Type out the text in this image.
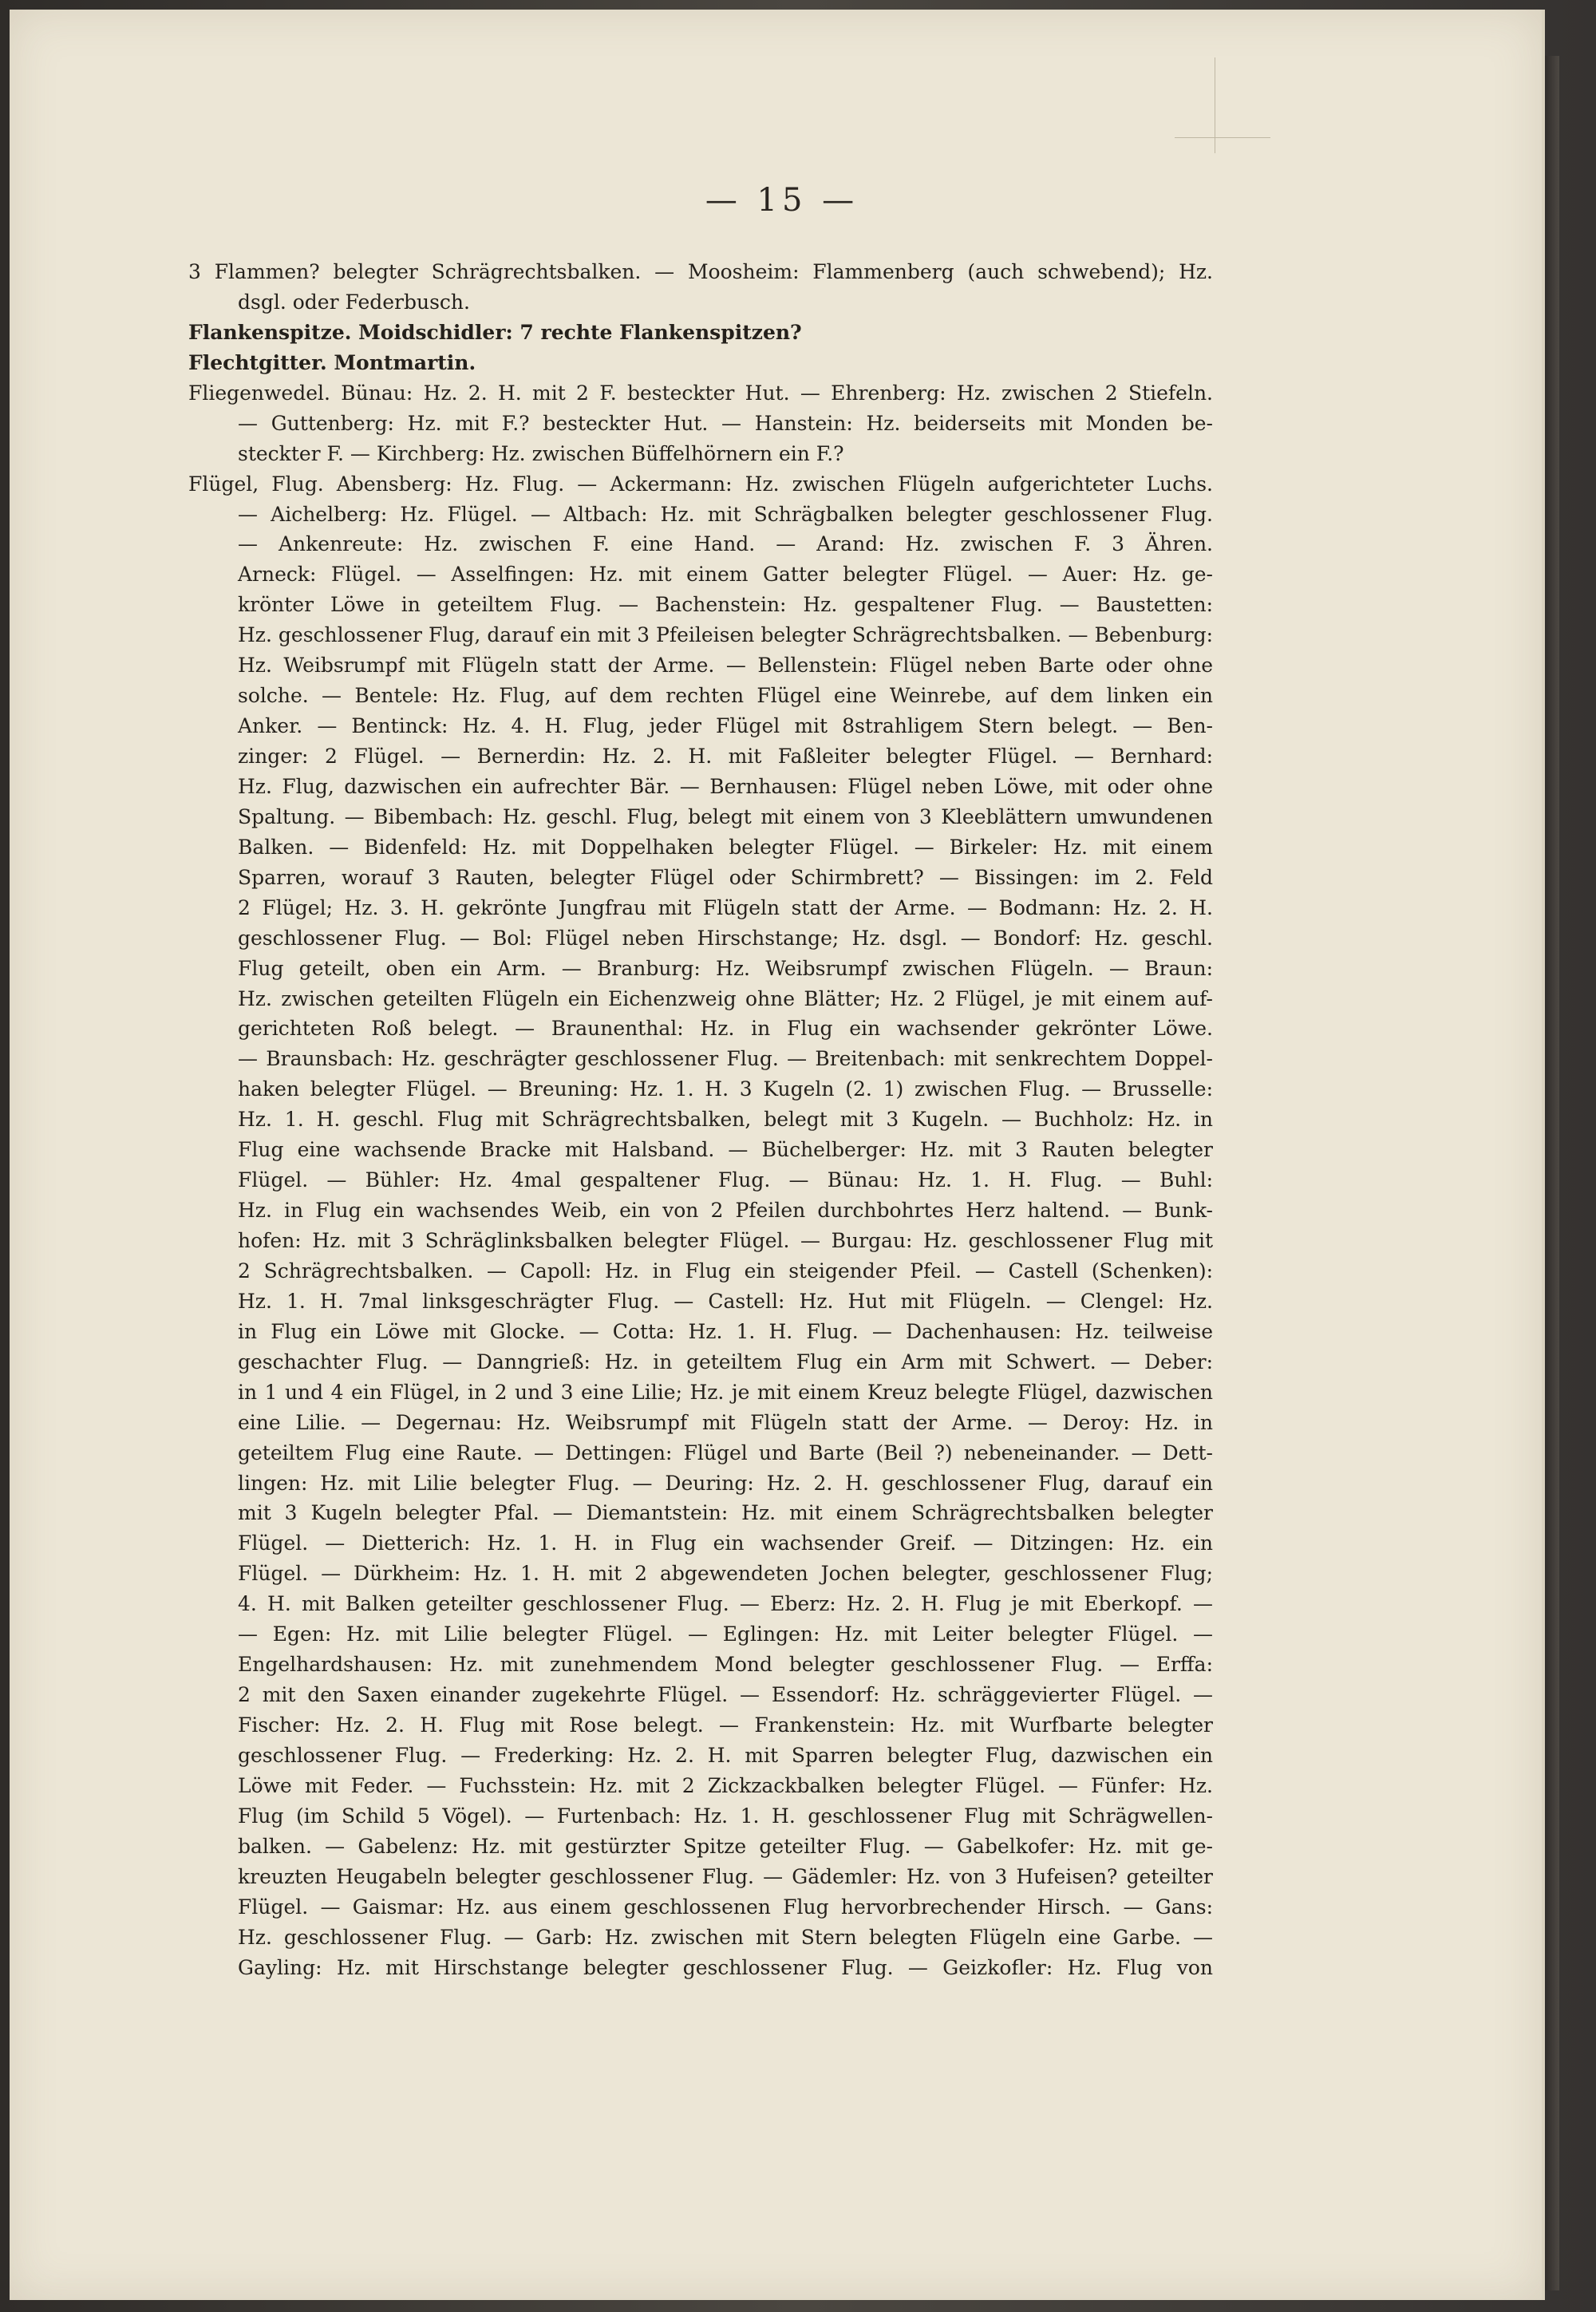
— 15 —
3 Flammen? belegter Schrägrechtsbalken. — Moosheim: Flammenberg (auch schwebend); Hz.
dsgl. oder Federbusch.
Flankenspitze. Moidschidler: 7 rechte Flankenspitzen?
Flechtgitter. Montmartin.
Fliegenwedel. Bünau: Hz. 2. H. mit 2 F. besteckter Hut. — Ehrenberg: Hz. zwischen 2 Stiefeln.
— Guttenberg: Hz. mit F.? besteckter Hut. — Hanstein: Hz. beiderseits mit Monden be-
steckter F. — Kirchberg: Hz. zwischen Büffelhörnern ein F.?
Flügel, Flug. Abensberg: Hz. Flug. — Ackermann: Hz. zwischen Flügeln aufgerichteter Luchs.
— Aichelberg: Hz. Flügel. — Altbach: Hz. mit Schrägbalken belegter geschlossener Flug.
— Ankenreute: Hz. zwischen F. eine Hand. — Arand: Hz. zwischen F. 3 Ähren.
Arneck: Flügel. — Asselfingen: Hz. mit einem Gatter belegter Flügel. — Auer: Hz. ge-
krönter Löwe in geteiltem Flug. — Bachenstein: Hz. gespaltener Flug. — Baustetten:
Hz. geschlossener Flug, darauf ein mit 3 Pfeileisen belegter Schrägrechtsbalken. — Bebenburg:
Hz. Weibsrumpf mit Flügeln statt der Arme. — Bellenstein: Flügel neben Barte oder ohne
solche. — Bentele: Hz. Flug, auf dem rechten Flügel eine Weinrebe, auf dem linken ein
Anker. — Bentinck: Hz. 4. H. Flug, jeder Flügel mit 8strahligem Stern belegt. — Ben-
zinger: 2 Flügel. — Bernerdin: Hz. 2. H. mit Faßleiter belegter Flügel. — Bernhard:
Hz. Flug, dazwischen ein aufrechter Bär. — Bernhausen: Flügel neben Löwe, mit oder ohne
Spaltung. — Bibembach: Hz. geschl. Flug, belegt mit einem von 3 Kleeblättern umwundenen
Balken. — Bidenfeld: Hz. mit Doppelhaken belegter Flügel. — Birkeler: Hz. mit einem
Sparren, worauf 3 Rauten, belegter Flügel oder Schirmbrett? — Bissingen: im 2. Feld
2 Flügel; Hz. 3. H. gekrönte Jungfrau mit Flügeln statt der Arme. — Bodmann: Hz. 2. H.
geschlossener Flug. — Bol: Flügel neben Hirschstange; Hz. dsgl. — Bondorf: Hz. geschl.
Flug geteilt, oben ein Arm. — Branburg: Hz. Weibsrumpf zwischen Flügeln. — Braun:
Hz. zwischen geteilten Flügeln ein Eichenzweig ohne Blätter; Hz. 2 Flügel, je mit einem auf-
gerichteten Roß belegt. — Braunenthal: Hz. in Flug ein wachsender gekrönter Löwe.
— Braunsbach: Hz. geschrägter geschlossener Flug. — Breitenbach: mit senkrechtem Doppel-
haken belegter Flügel. — Breuning: Hz. 1. H. 3 Kugeln (2. 1) zwischen Flug. — Brusselle:
Hz. 1. H. geschl. Flug mit Schrägrechtsbalken, belegt mit 3 Kugeln. — Buchholz: Hz. in
Flug eine wachsende Bracke mit Halsband. — Büchelberger: Hz. mit 3 Rauten belegter
Flügel. — Bühler: Hz. 4mal gespaltener Flug. — Bünau: Hz. 1. H. Flug. — Buhl:
Hz. in Flug ein wachsendes Weib, ein von 2 Pfeilen durchbohrtes Herz haltend. — Bunk-
hofen: Hz. mit 3 Schräglinksbalken belegter Flügel. — Burgau: Hz. geschlossener Flug mit
2 Schrägrechtsbalken. — Capoll: Hz. in Flug ein steigender Pfeil. — Castell (Schenken):
Hz. 1. H. 7mal linksgeschrägter Flug. — Castell: Hz. Hut mit Flügeln. — Clengel: Hz.
in Flug ein Löwe mit Glocke. — Cotta: Hz. 1. H. Flug. — Dachenhausen: Hz. teilweise
geschachter Flug. — Danngrieß: Hz. in geteiltem Flug ein Arm mit Schwert. — Deber:
in 1 und 4 ein Flügel, in 2 und 3 eine Lilie; Hz. je mit einem Kreuz belegte Flügel, dazwischen
eine Lilie. — Degernau: Hz. Weibsrumpf mit Flügeln statt der Arme. — Deroy: Hz. in
geteiltem Flug eine Raute. — Dettingen: Flügel und Barte (Beil ?) nebeneinander. — Dett-
lingen: Hz. mit Lilie belegter Flug. — Deuring: Hz. 2. H. geschlossener Flug, darauf ein
mit 3 Kugeln belegter Pfal. — Diemantstein: Hz. mit einem Schrägrechtsbalken belegter
Flügel. — Dietterich: Hz. 1. H. in Flug ein wachsender Greif. — Ditzingen: Hz. ein
Flügel. — Dürkheim: Hz. 1. H. mit 2 abgewendeten Jochen belegter, geschlossener Flug;
4. H. mit Balken geteilter geschlossener Flug. — Eberz: Hz. 2. H. Flug je mit Eberkopf. —
— Egen: Hz. mit Lilie belegter Flügel. — Eglingen: Hz. mit Leiter belegter Flügel. —
Engelhardshausen: Hz. mit zunehmendem Mond belegter geschlossener Flug. — Erffa:
2 mit den Saxen einander zugekehrte Flügel. — Essendorf: Hz. schräggevierter Flügel. —
Fischer: Hz. 2. H. Flug mit Rose belegt. — Frankenstein: Hz. mit Wurfbarte belegter
geschlossener Flug. — Frederking: Hz. 2. H. mit Sparren belegter Flug, dazwischen ein
Löwe mit Feder. — Fuchsstein: Hz. mit 2 Zickzackbalken belegter Flügel. — Fünfer: Hz.
Flug (im Schild 5 Vögel). — Furtenbach: Hz. 1. H. geschlossener Flug mit Schrägwellen-
balken. — Gabelenz: Hz. mit gestürzter Spitze geteilter Flug. — Gabelkofer: Hz. mit ge-
kreuzten Heugabeln belegter geschlossener Flug. — Gädemler: Hz. von 3 Hufeisen? geteilter
Flügel. — Gaismar: Hz. aus einem geschlossenen Flug hervorbrechender Hirsch. — Gans:
Hz. geschlossener Flug. — Garb: Hz. zwischen mit Stern belegten Flügeln eine Garbe. —
Gayling: Hz. mit Hirschstange belegter geschlossener Flug. — Geizkofler: Hz. Flug von
